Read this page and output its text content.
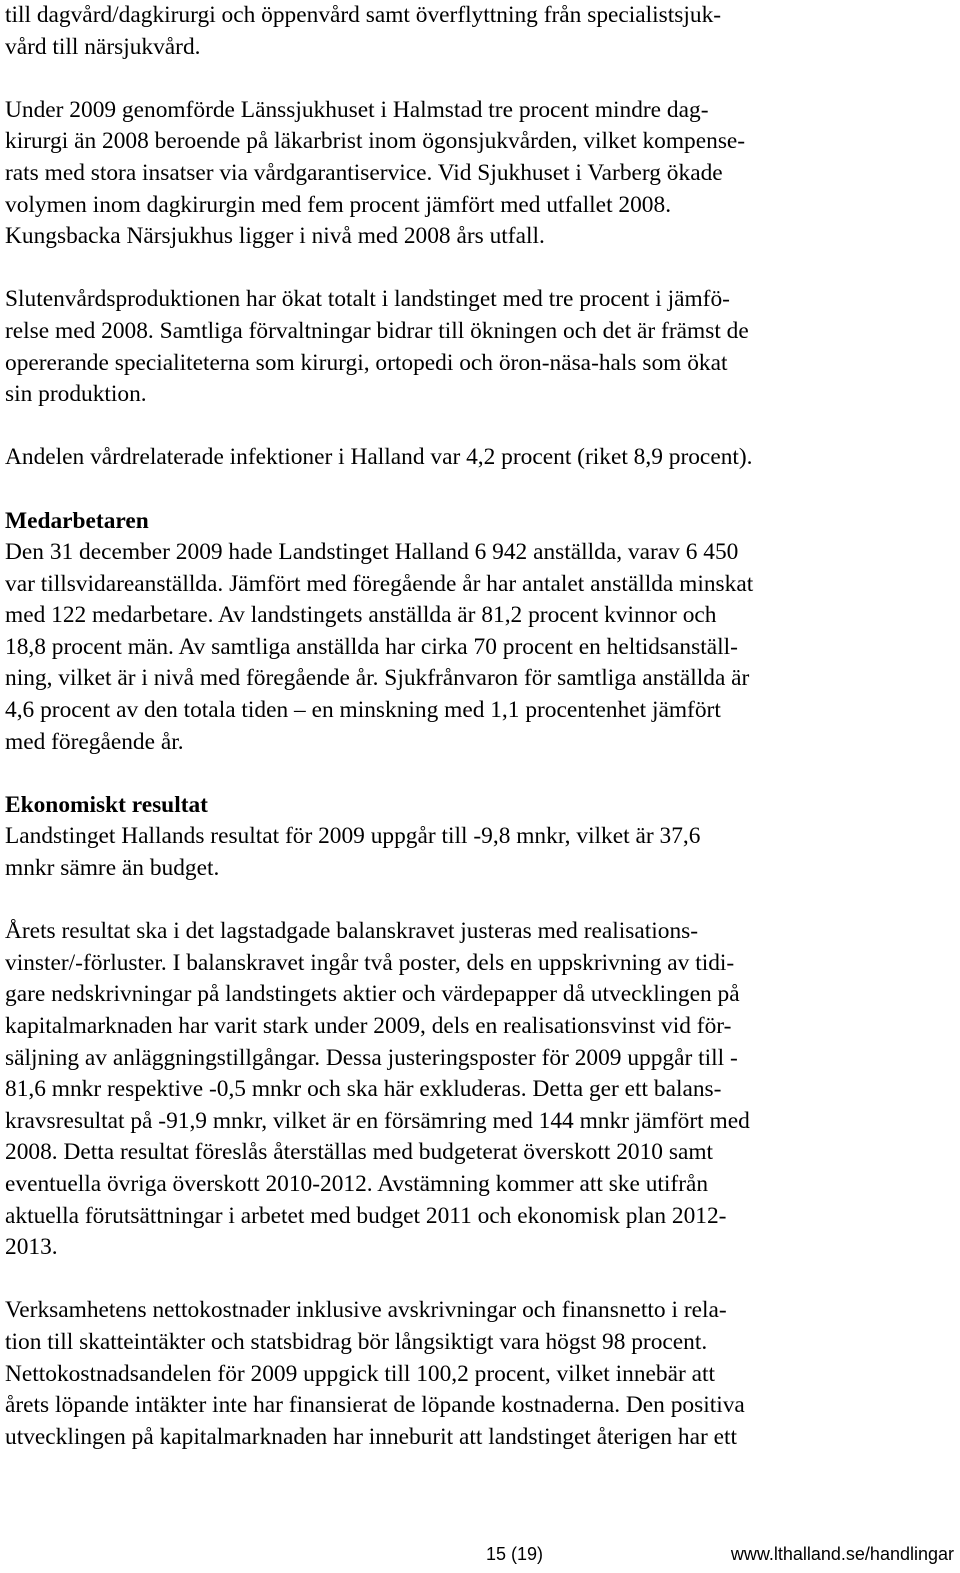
till dagvård/dagkirurgi och öppenvård samt överflyttning från specialistsjuk-
vård till närsjukvård.
Under 2009 genomförde Länssjukhuset i Halmstad tre procent mindre dag-
kirurgi än 2008 beroende på läkarbrist inom ögonsjukvården, vilket kompense-
rats med stora insatser via vårdgarantiservice. Vid Sjukhuset i Varberg ökade
volymen inom dagkirurgin med fem procent jämfört med utfallet 2008.
Kungsbacka Närsjukhus ligger i nivå med 2008 års utfall.
Slutenvårdsproduktionen har ökat totalt i landstinget med tre procent i jämfö-
relse med 2008. Samtliga förvaltningar bidrar till ökningen och det är främst de
opererande specialiteterna som kirurgi, ortopedi och öron-näsa-hals som ökat
sin produktion.
Andelen vårdrelaterade infektioner i Halland var 4,2 procent (riket 8,9 procent).
Medarbetaren
Den 31 december 2009 hade Landstinget Halland 6 942 anställda, varav 6 450
var tillsvidareanställda. Jämfört med föregående år har antalet anställda minskat
med 122 medarbetare. Av landstingets anställda är 81,2 procent kvinnor och
18,8 procent män. Av samtliga anställda har cirka 70 procent en heltidsanställ-
ning, vilket är i nivå med föregående år. Sjukfrånvaron för samtliga anställda är
4,6 procent av den totala tiden – en minskning med 1,1 procentenhet jämfört
med föregående år.
Ekonomiskt resultat
Landstinget Hallands resultat för 2009 uppgår till -9,8 mnkr, vilket är 37,6
mnkr sämre än budget.
Årets resultat ska i det lagstadgade balanskravet justeras med realisations-
vinster/-förluster. I balanskravet ingår två poster, dels en uppskrivning av tidi-
gare nedskrivningar på landstingets aktier och värdepapper då utvecklingen på
kapitalmarknaden har varit stark under 2009, dels en realisationsvinst vid för-
säljning av anläggningstillgångar. Dessa justeringsposter för 2009 uppgår till -
81,6 mnkr respektive -0,5 mnkr och ska här exkluderas. Detta ger ett balans-
kravsresultat på -91,9 mnkr, vilket är en försämring med 144 mnkr jämfört med
2008. Detta resultat föreslås återställas med budgeterat överskott 2010 samt
eventuella övriga överskott 2010-2012. Avstämning kommer att ske utifrån
aktuella förutsättningar i arbetet med budget 2011 och ekonomisk plan 2012-
2013.
Verksamhetens nettokostnader inklusive avskrivningar och finansnetto i rela-
tion till skatteintäkter och statsbidrag bör långsiktigt vara högst 98 procent.
Nettokostnadsandelen för 2009 uppgick till 100,2 procent, vilket innebär att
årets löpande intäkter inte har finansierat de löpande kostnaderna. Den positiva
utvecklingen på kapitalmarknaden har inneburit att landstinget återigen har ett
15 (19)	www.lthalland.se/handlingar
